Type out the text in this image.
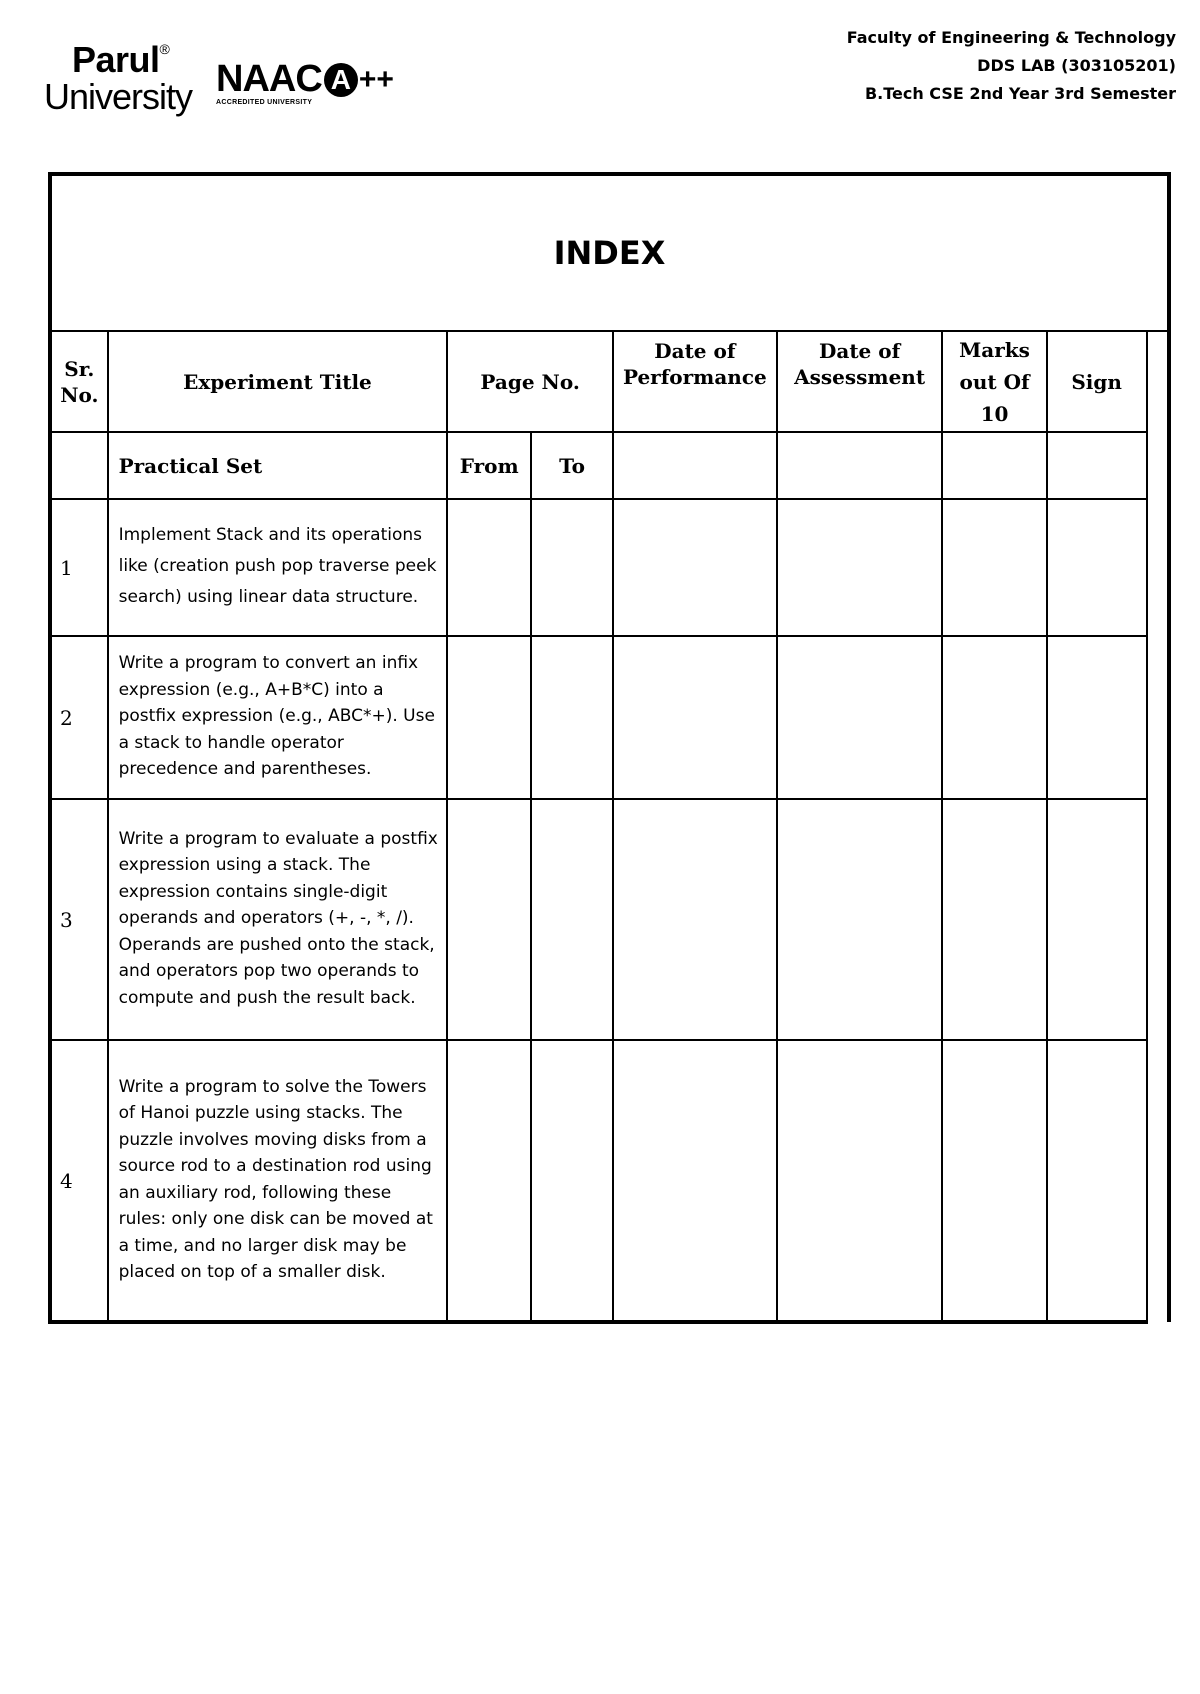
Parul®
University NAAC A ++
ACCREDITED UNIVERSITY
Faculty of Engineering & Technology
DDS LAB (303105201)
B.Tech CSE 2nd Year 3rd Semester
INDEX								
Sr. No.	Experiment Title	Page No.		Date of Performance	Date of Assessment	Marks out Of 10	Sign	
	Practical Set	From	To					
1	Implement Stack and its operations like (creation push pop traverse peek search) using linear data structure.							
2	Write a program to convert an infix expression (e.g., A+B*C) into a postfix expression (e.g., ABC*+). Use a stack to handle operator precedence and parentheses.							
3	Write a program to evaluate a postfix expression using a stack. The expression contains single-digit operands and operators (+, -, *, /). Operands are pushed onto the stack, and operators pop two operands to compute and push the result back.							
4	Write a program to solve the Towers of Hanoi puzzle using stacks. The puzzle involves moving disks from a source rod to a destination rod using an auxiliary rod, following these rules: only one disk can be moved at a time, and no larger disk may be placed on top of a smaller disk.							
